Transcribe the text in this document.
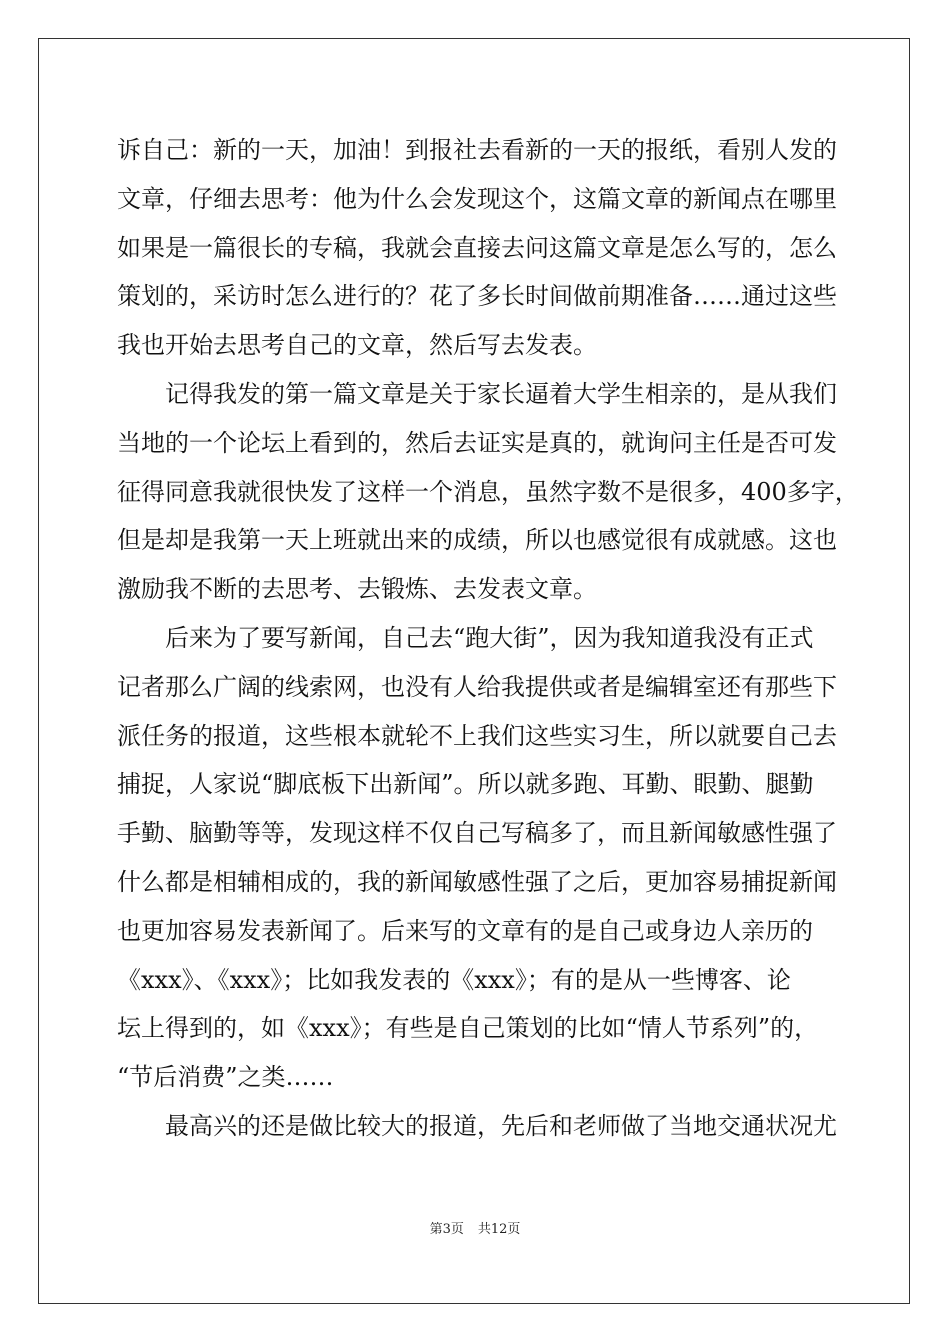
诉自己：新的一天，加油！到报社去看新的一天的报纸，看别人发的
文章，仔细去思考：他为什么会发现这个，这篇文章的新闻点在哪里
如果是一篇很长的专稿，我就会直接去问这篇文章是怎么写的，怎么
策划的，采访时怎么进行的？花了多长时间做前期准备……通过这些
我也开始去思考自己的文章，然后写去发表。
记得我发的第一篇文章是关于家长逼着大学生相亲的，是从我们
当地的一个论坛上看到的，然后去证实是真的，就询问主任是否可发
征得同意我就很快发了这样一个消息，虽然字数不是很多，400多字，
但是却是我第一天上班就出来的成绩，所以也感觉很有成就感。这也
激励我不断的去思考、去锻炼、去发表文章。
后来为了要写新闻，自己去“跑大街”，因为我知道我没有正式
记者那么广阔的线索网，也没有人给我提供或者是编辑室还有那些下
派任务的报道，这些根本就轮不上我们这些实习生，所以就要自己去
捕捉，人家说“脚底板下出新闻”。所以就多跑、耳勤、眼勤、腿勤
手勤、脑勤等等，发现这样不仅自己写稿多了，而且新闻敏感性强了
什么都是相辅相成的，我的新闻敏感性强了之后，更加容易捕捉新闻
也更加容易发表新闻了。后来写的文章有的是自己或身边人亲历的
《xxx》、《xxx》；比如我发表的《xxx》；有的是从一些博客、论
坛上得到的，如《xxx》；有些是自己策划的比如“情人节系列”的，
“节后消费”之类……
最高兴的还是做比较大的报道，先后和老师做了当地交通状况尤
第3页 共12页
